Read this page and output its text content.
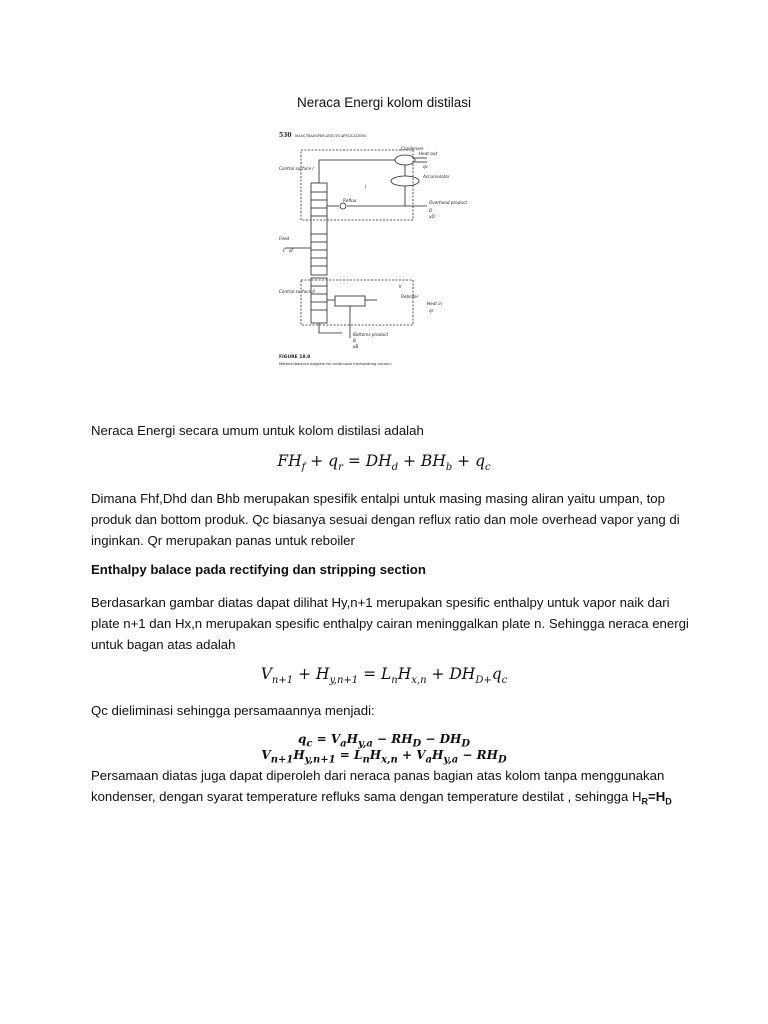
Neraca Energi kolom distilasi
530 MASS TRANSFER AND ITS APPLICATIONS
Condenser
Heat out
qc
Accumulator
Overhead product
D
xD
Control surface I
I
Reflux
Feed
F zF
Control surface II
II
Reboiler
Heat in
qr
Bottoms product
B
xB
FIGURE 18.8
Material-balance diagram for continuous fractionating column.
Neraca Energi secara umum untuk kolom distilasi adalah
$FH_f + q_r = DH_d + BH_b + q_c$
Dimana Fhf,Dhd dan Bhb merupakan spesifik entalpi untuk masing masing aliran yaitu umpan, top produk dan bottom produk. Qc biasanya sesuai dengan reflux ratio dan mole overhead vapor yang di inginkan. Qr merupakan panas untuk reboiler
Enthalpy balace pada rectifying dan stripping section
Berdasarkan gambar diatas dapat dilihat Hy,n+1 merupakan spesific enthalpy untuk vapor naik dari plate n+1 dan Hx,n merupakan spesific enthalpy cairan meninggalkan plate n. Sehingga neraca energi untuk bagan atas adalah
$V_{n+1} + H_{y,n+1} = L_nH_{x,n} + DH_{D+}q_c$
Qc dieliminasi sehingga persamaannya menjadi:
$q_c = V_aH_{y,a} - RH_D - DH_D$
$V_{n+1}H_{y,n+1} = L_nH_{x,n} + V_aH_{y,a} - RH_D$
Persamaan diatas juga dapat diperoleh dari neraca panas bagian atas kolom tanpa menggunakan kondenser, dengan syarat temperature refluks sama dengan temperature destilat , sehingga $H_R=H_D$
